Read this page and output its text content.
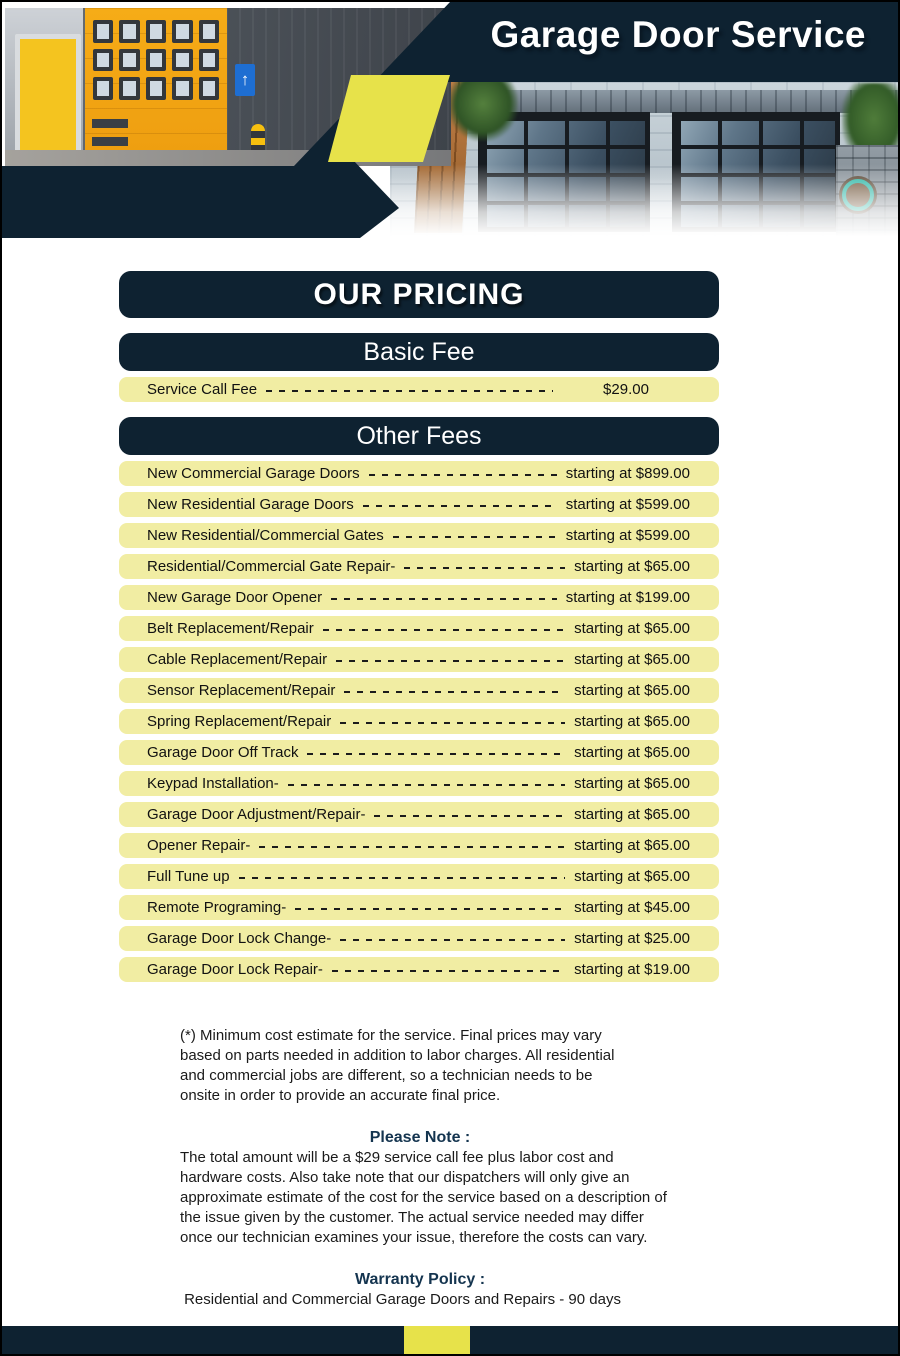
↑
Garage Door Service
OUR PRICING
Basic Fee
Service Call Fee	$29.00
Other Fees
New Commercial Garage Doors	starting at $899.00
New Residential Garage Doors	starting at $599.00
New Residential/Commercial Gates	starting at $599.00
Residential/Commercial Gate Repair-	starting at $65.00
New Garage Door Opener	starting at $199.00
Belt Replacement/Repair	starting at $65.00
Cable Replacement/Repair	starting at $65.00
Sensor Replacement/Repair	starting at $65.00
Spring Replacement/Repair	starting at $65.00
Garage Door Off Track	starting at $65.00
Keypad Installation-	starting at $65.00
Garage Door Adjustment/Repair-	starting at $65.00
Opener Repair-	starting at $65.00
Full Tune up	starting at $65.00
Remote Programing-	starting at $45.00
Garage Door Lock Change-	starting at $25.00
Garage Door Lock Repair-	starting at $19.00

(*) Minimum cost estimate for the service. Final prices may vary based on parts needed in addition to labor charges. All residential and commercial jobs are different, so a technician needs to be onsite in order to provide an accurate final price.

Please Note :

The total amount will be a $29 service call fee plus labor cost and hardware costs. Also take note that our dispatchers will only give an approximate estimate of the cost for the service based on a description of the issue given by the customer. The actual service needed may differ once our technician examines your issue, therefore the costs can vary.

Warranty Policy :

Residential and Commercial Garage Doors and Repairs - 90 days
